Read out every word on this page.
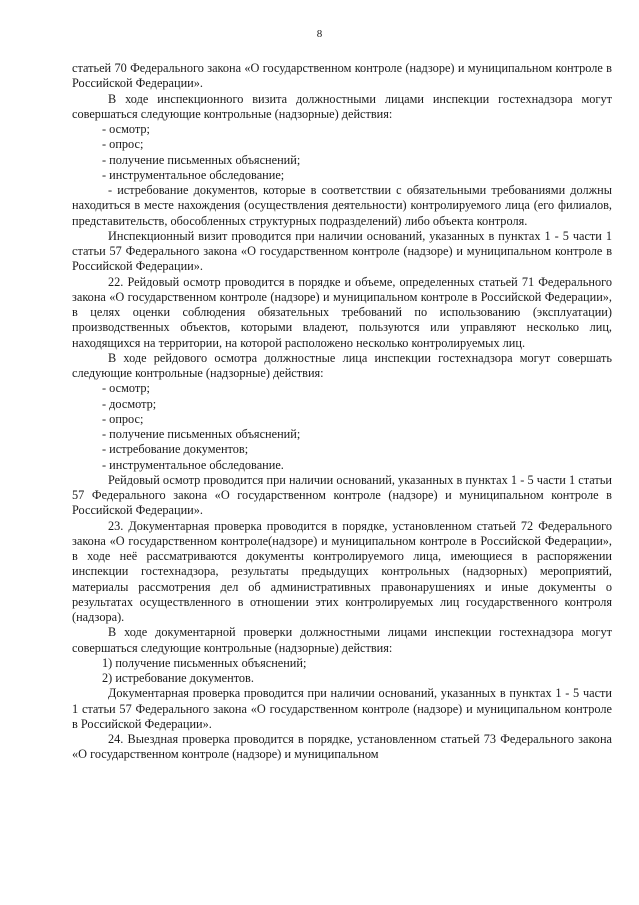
8

статьей 70 Федерального закона «О государственном контроле (надзоре) и муниципальном контроле в Российской Федерации».

В ходе инспекционного визита должностными лицами инспекции гостехнадзора могут совершаться следующие контрольные (надзорные) действия:

- осмотр;

- опрос;

- получение письменных объяснений;

- инструментальное обследование;

- истребование документов, которые в соответствии с обязательными требованиями должны находиться в месте нахождения (осуществления деятельности) контролируемого лица (его филиалов, представительств, обособленных структурных подразделений) либо объекта контроля.

Инспекционный визит проводится при наличии оснований, указанных в пунктах 1 - 5 части 1 статьи 57 Федерального закона «О государственном контроле (надзоре) и муниципальном контроле в Российской Федерации».

22. Рейдовый осмотр проводится в порядке и объеме, определенных статьей 71 Федерального закона «О государственном контроле (надзоре) и муниципальном контроле в Российской Федерации», в целях оценки соблюдения обязательных требований по использованию (эксплуатации) производственных объектов, которыми владеют, пользуются или управляют несколько лиц, находящихся на территории, на которой расположено несколько контролируемых лиц.

В ходе рейдового осмотра должностные лица инспекции гостехнадзора могут совершать следующие контрольные (надзорные) действия:

- осмотр;

- досмотр;

- опрос;

- получение письменных объяснений;

- истребование документов;

- инструментальное обследование.

Рейдовый осмотр проводится при наличии оснований, указанных в пунктах 1 - 5 части 1 статьи 57 Федерального закона «О государственном контроле (надзоре) и муниципальном контроле в Российской Федерации».

23. Документарная проверка проводится в порядке, установленном статьей 72 Федерального закона «О государственном контроле(надзоре) и муниципальном контроле в Российской Федерации», в ходе неё рассматриваются документы контролируемого лица, имеющиеся в распоряжении инспекции гостехнадзора, результаты предыдущих контрольных (надзорных) мероприятий, материалы рассмотрения дел об административных правонарушениях и иные документы о результатах осуществленного в отношении этих контролируемых лиц государственного контроля (надзора).

В ходе документарной проверки должностными лицами инспекции гостехнадзора могут совершаться следующие контрольные (надзорные) действия:

1) получение письменных объяснений;

2) истребование документов.

Документарная проверка проводится при наличии оснований, указанных в пунктах 1 - 5 части 1 статьи 57 Федерального закона «О государственном контроле (надзоре) и муниципальном контроле в Российской Федерации».

24. Выездная проверка проводится в порядке, установленном статьей 73 Федерального закона «О государственном контроле (надзоре) и муниципальном
